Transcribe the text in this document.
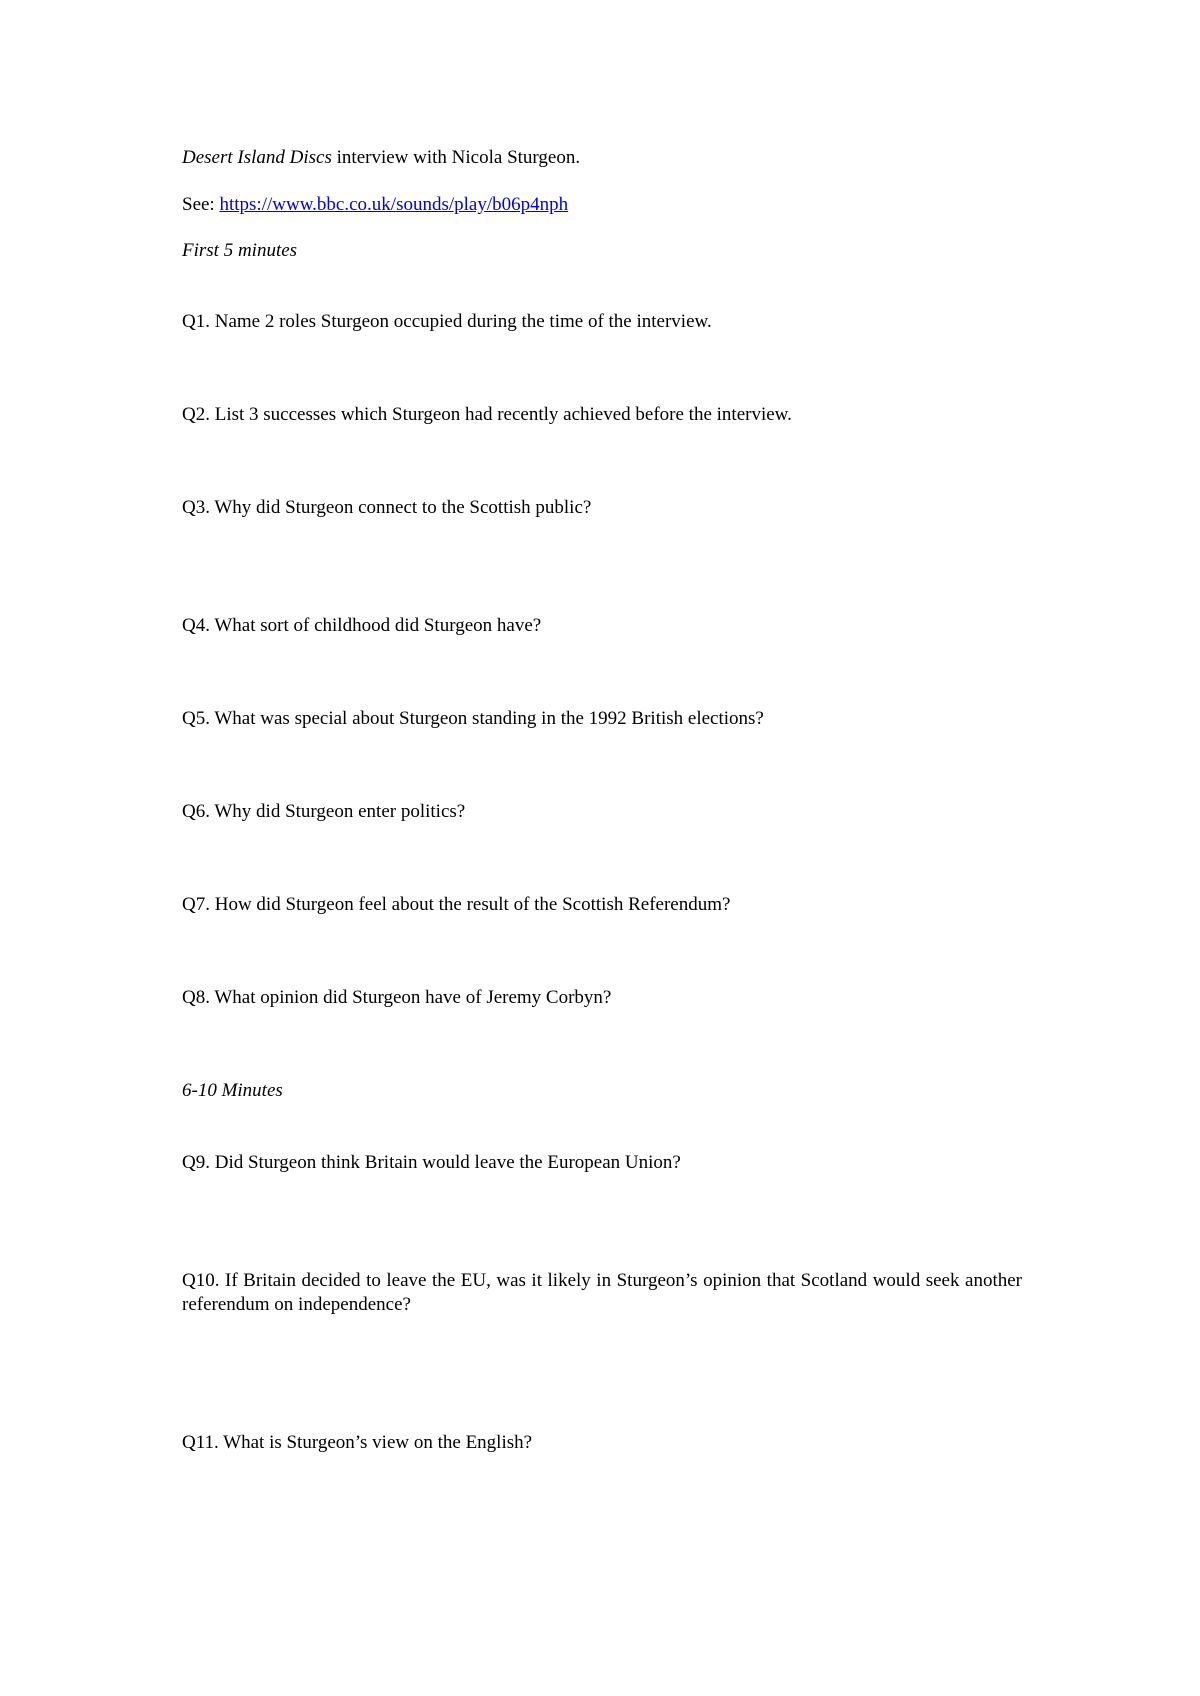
Desert Island Discs interview with Nicola Sturgeon.

See: https://www.bbc.co.uk/sounds/play/b06p4nph

First 5 minutes

Q1. Name 2 roles Sturgeon occupied during the time of the interview.

Q2. List 3 successes which Sturgeon had recently achieved before the interview.

Q3. Why did Sturgeon connect to the Scottish public?

Q4. What sort of childhood did Sturgeon have?

Q5. What was special about Sturgeon standing in the 1992 British elections?

Q6. Why did Sturgeon enter politics?

Q7. How did Sturgeon feel about the result of the Scottish Referendum?

Q8. What opinion did Sturgeon have of Jeremy Corbyn?

6-10 Minutes

Q9. Did Sturgeon think Britain would leave the European Union?

Q10. If Britain decided to leave the EU, was it likely in Sturgeon’s opinion that Scotland would seek another referendum on independence?

Q11. What is Sturgeon’s view on the English?
